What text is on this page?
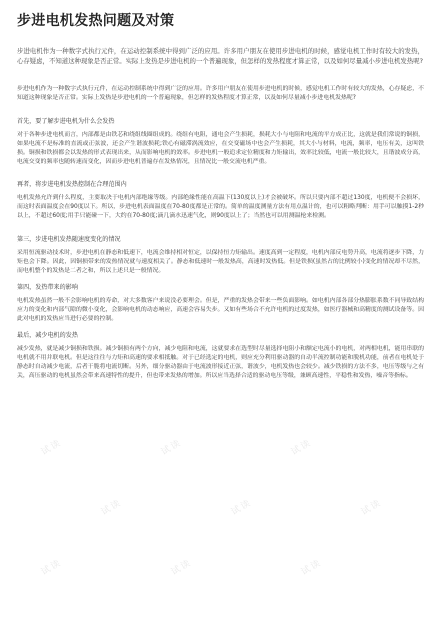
步进电机发热问题及对策
步进电机作为一种数字式执行元件，在运动控制系统中得到广泛的应用。许多用户朋友在使用步进电机的时候，感觉电机工作时有较大的发热，心存疑虑，不知道这种现象是否正常。实际上发热是步进电机的一个普遍现象，但怎样的发热程度才算正常，以及如何尽量减小步进电机发热呢?
步进电机作为一种数字式执行元件，在运动控制系统中得到广泛的应用。许多用户朋友在使用步进电机的时候，感觉电机工作时有较大的发热，心存疑虑，不知道这种现象是否正常。实际上发热是步进电机的一个普遍现象，但怎样的发热程度才算正常，以及如何尽量减小步进电机发热呢?
首先，要了解步进电机为什么会发热
对于各种步进电机而言，内部都是由铁芯和绕组线圈组成的。绕组有电阻，通电会产生损耗，损耗大小与电阻和电流的平方成正比，这就是我们常说的铜损，如果电流不是标准的直流或正弦波，还会产生谐波损耗;铁心有磁滞涡流效应，在交变磁场中也会产生损耗，其大小与材料，电流，频率，电压有关，这叫铁损。铜损和铁损都会以发热的形式表现出来，从而影响电机的效率。步进电机一般追求定位精度和力矩输出，效率比较低，电流一般比较大，且谐波成分高，电流交变的频率也随转速而变化，因而步进电机普遍存在发热情况，且情况比一般交流电机严重。
再者，将步进电机发热控制在合理范围内
电机发热允许到什么程度，主要取决于电机内部绝缘等级。内部绝缘性能在高温下(130度以上)才会被破坏。所以只要内部不超过130度，电机便不会损坏，而这时表面温度会在90度以下。所以，步进电机表面温度在70-80度都是正常的。简单的温度测量方法有用点温计的，也可以粗略判断：用手可以触摸1-2秒以上，不超过60度;用手只能碰一下，大约在70-80度;滴几滴水迅速气化，则90度以上了；当然也可以用测温枪来检测。
第三，步进电机发热随速度变化的情况
采用恒流驱动技术时，步进电机在静态和低速下，电流会维持相对恒定，以保持恒力矩输出。速度高到一定程度，电机内部反电势升高，电流将逐步下降，力矩也会下降。因此，因铜损带来的发热情况就与速度相关了。静态和低速时一般发热高，高速时发热低。但是铁损(虽然占的比例较小)变化的情况却不尽然，而电机整个的发热是二者之和，所以上述只是一般情况。
第四，发热带来的影响
电机发热虽然一般不会影响电机的寿命，对大多数客户来说没必要理会。但是，严重的发热会带来一些负面影响。如电机内部各部分热膨胀系数不同导致结构应力的变化和内部气隙的微小变化，会影响电机的动态响应，高速会容易失步。又如有些场合不允许电机的过度发热，如医疗器械和高精度的测试设备等。因此对电机的发热应当进行必要的控制。
最后，减少电机的发热
减少发热，就是减少铜损和铁损。减少铜损有两个方向，减少电阻和电流，这就要求在选型时尽量选择电阻小和额定电流小的电机，对两相电机，能用串联的电机就不用并联电机。但是这往往与力矩和高速的要求相抵触。对于已经选定的电机，则应充分利用驱动器的自动半流控制功能和脱机功能，前者在电机处于静态时自动减少电流，后者干脆将电流切断。另外，细分驱动器由于电流波形接近正弦，谐波少，电机发热也会较少。减少铁损的方法不多，电压等级与之有关，高压驱动的电机虽然会带来高速特性的提升，但也带来发热的增加。所以应当选择合适的驱动电压等级，兼顾高速性，平稳性和发热，噪音等指标。
试读	试读	试读
试读	试读	试读
试读	试读	试读
